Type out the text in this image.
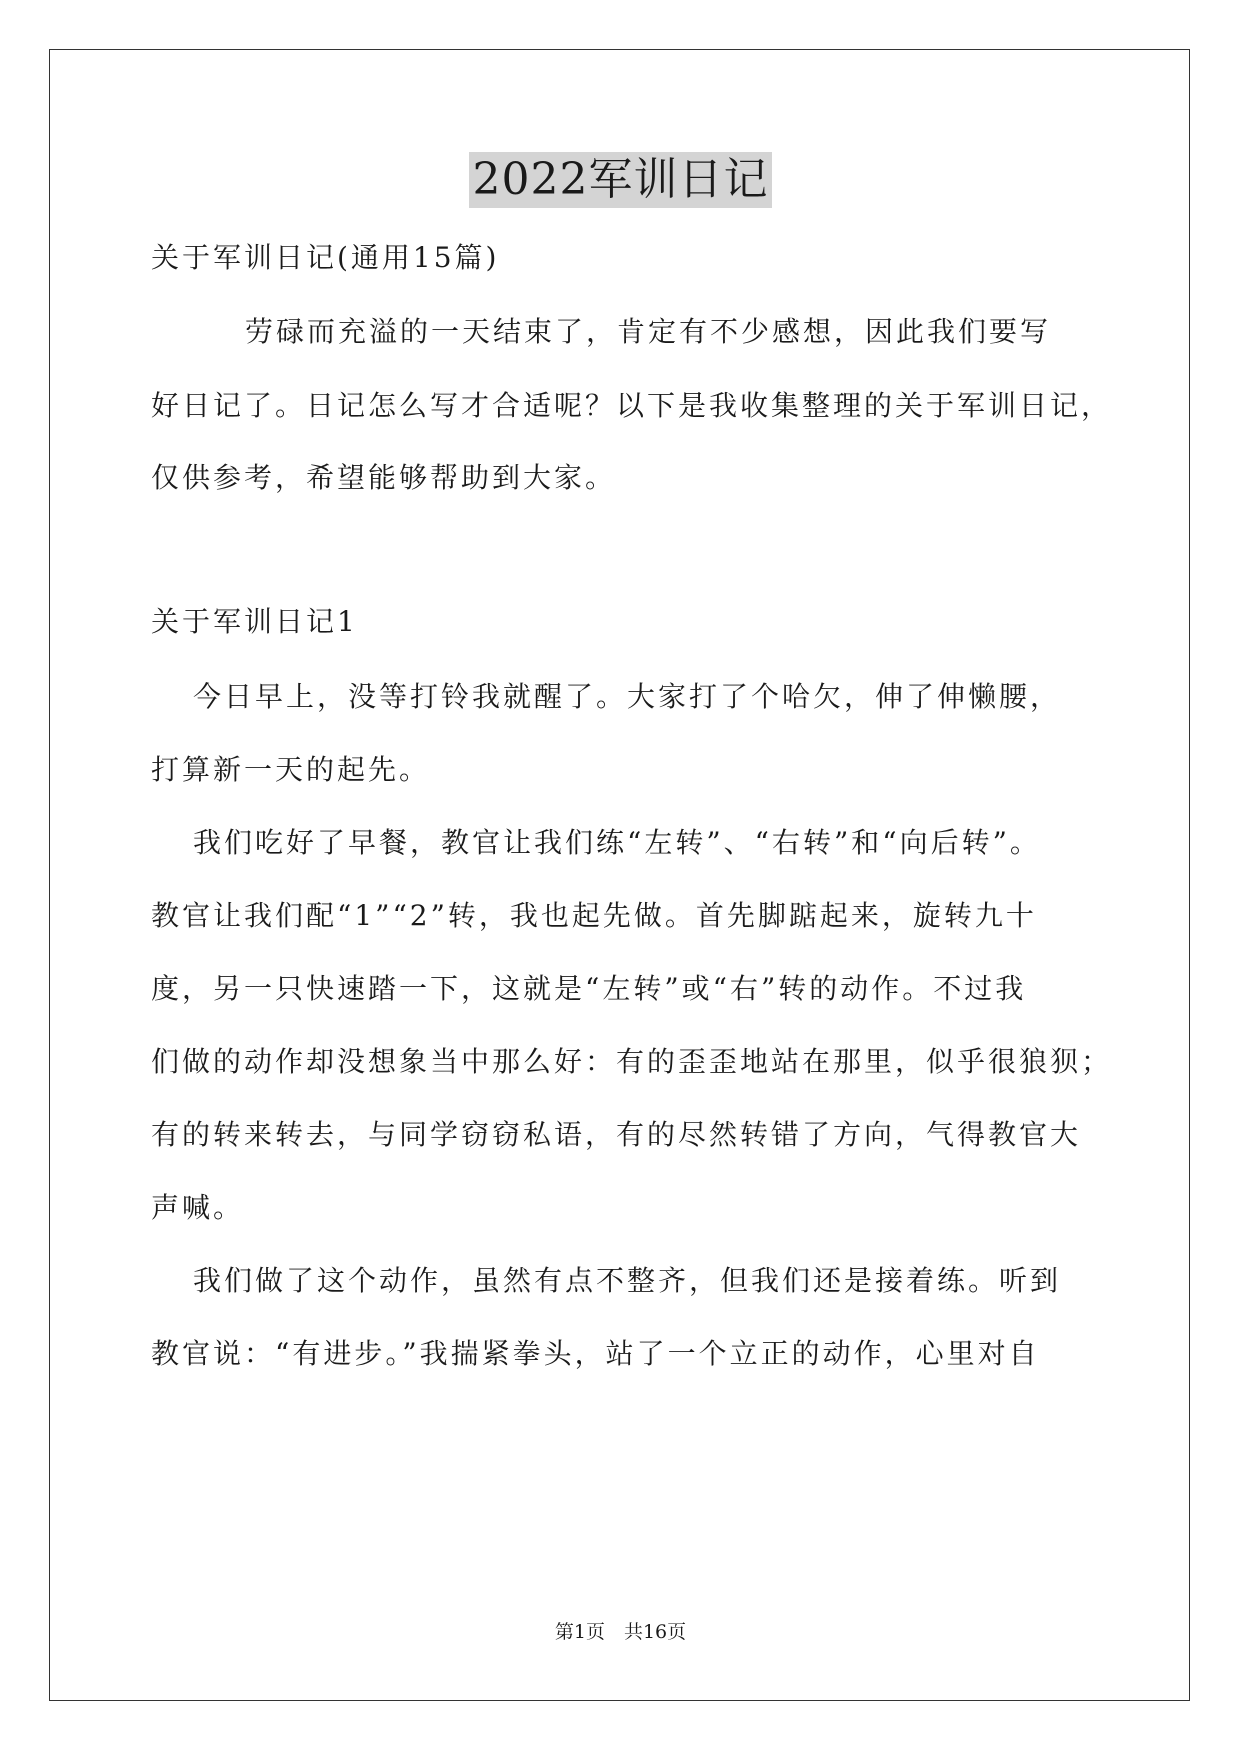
2022军训日记
关于军训日记(通用15篇)
劳碌而充溢的一天结束了，肯定有不少感想，因此我们要写
好日记了。日记怎么写才合适呢？以下是我收集整理的关于军训日记，
仅供参考，希望能够帮助到大家。
关于军训日记1
今日早上，没等打铃我就醒了。大家打了个哈欠，伸了伸懒腰，
打算新一天的起先。
我们吃好了早餐，教官让我们练“左转”、“右转”和“向后转”。
教官让我们配“1”“2”转，我也起先做。首先脚踮起来，旋转九十
度，另一只快速踏一下，这就是“左转”或“右”转的动作。不过我
们做的动作却没想象当中那么好：有的歪歪地站在那里，似乎很狼狈；
有的转来转去，与同学窃窃私语，有的尽然转错了方向，气得教官大
声喊。
我们做了这个动作，虽然有点不整齐，但我们还是接着练。听到
教官说：“有进步。”我揣紧拳头，站了一个立正的动作，心里对自
第1页　共16页
